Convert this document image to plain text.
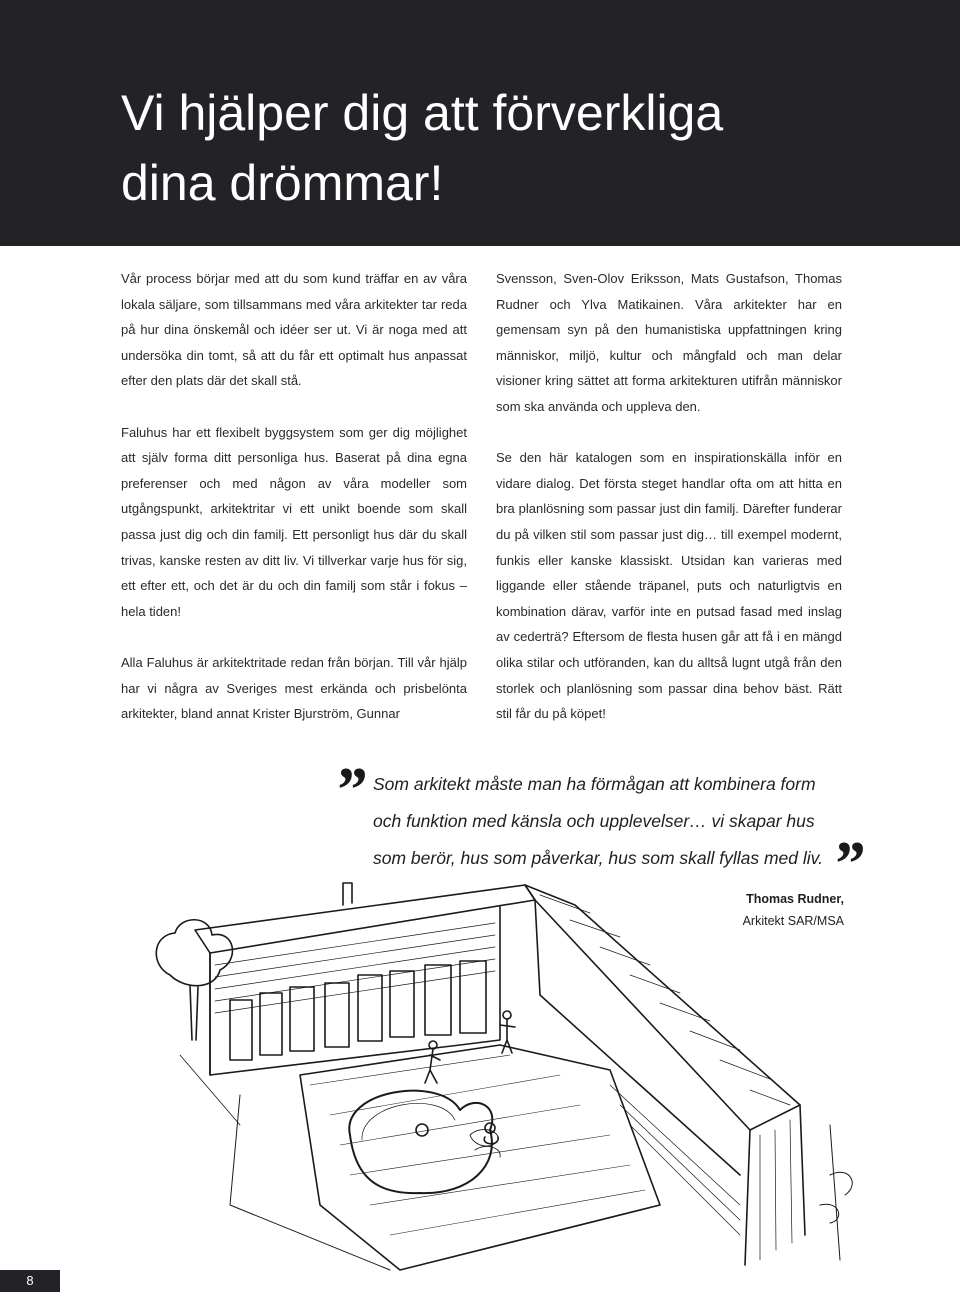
Vi hjälper dig att förverkliga
dina drömmar!

Vår process börjar med att du som kund träffar en av våra lokala säljare, som tillsammans med våra arkitekter tar reda på hur dina önskemål och idéer ser ut. Vi är noga med att undersöka din tomt, så att du får ett optimalt hus anpassat efter den plats där det skall stå.

Faluhus har ett flexibelt byggsystem som ger dig möjlighet att själv forma ditt personliga hus. Baserat på dina egna preferenser och med någon av våra modeller som utgångspunkt, arkitektritar vi ett unikt boende som skall passa just dig och din familj. Ett personligt hus där du skall trivas, kanske resten av ditt liv. Vi tillverkar varje hus för sig, ett efter ett, och det är du och din familj som står i fokus – hela tiden!

Alla Faluhus är arkitektritade redan från början. Till vår hjälp har vi några av Sveriges mest erkända och prisbelönta arkitekter, bland annat Krister Bjurström, Gunnar

Svensson, Sven-Olov Eriksson, Mats Gustafson, Thomas Rudner och Ylva Matikainen. Våra arkitekter har en gemensam syn på den humanistiska uppfattningen kring människor, miljö, kultur och mångfald och man delar visioner kring sättet att forma arkitekturen utifrån människor som ska använda och uppleva den.

Se den här katalogen som en inspirationskälla inför en vidare dialog. Det första steget handlar ofta om att hitta en bra planlösning som passar just din familj. Därefter funderar du på vilken stil som passar just dig… till exempel modernt, funkis eller kanske klassiskt. Utsidan kan varieras med liggande eller stående träpanel, puts och naturligtvis en kombination därav, varför inte en putsad fasad med inslag av cederträ? Eftersom de flesta husen går att få i en mängd olika stilar och utföranden, kan du alltså lugnt utgå från den storlek och planlösning som passar dina behov bäst. Rätt stil får du på köpet!

” Som arkitekt måste man ha förmågan att kombinera form
och funktion med känsla och upplevelser… vi skapar hus
som berör, hus som påverkar, hus som skall fyllas med liv. ”
Thomas Rudner,
Arkitekt SAR/MSA
8
